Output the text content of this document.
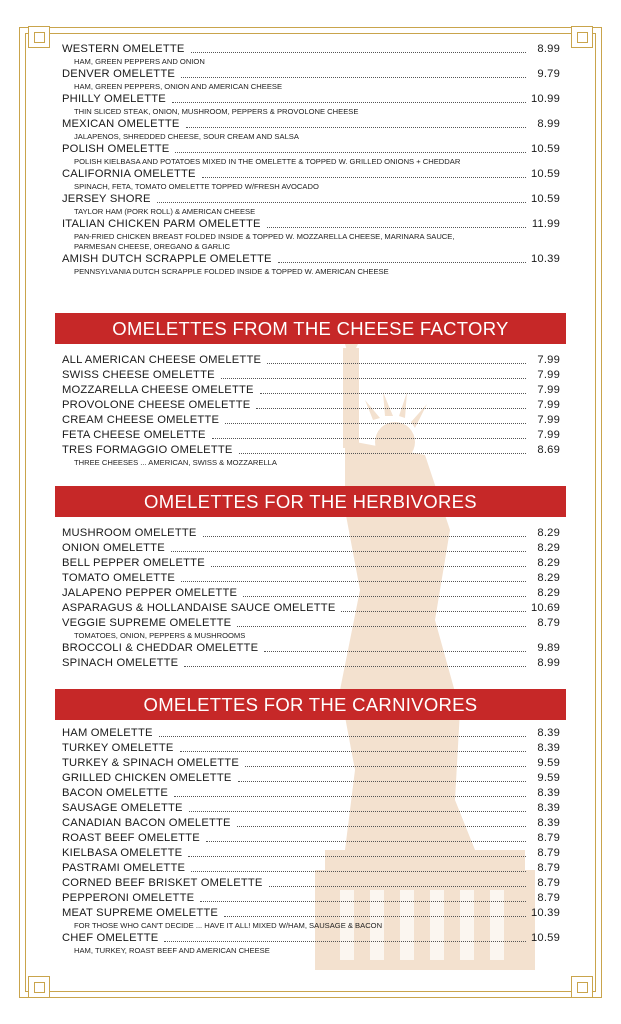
WESTERN OMELETTE	8.99
HAM, GREEN PEPPERS AND ONION
DENVER OMELETTE	9.79
HAM, GREEN PEPPERS, ONION AND AMERICAN CHEESE
PHILLY OMELETTE	10.99
THIN SLICED STEAK, ONION, MUSHROOM, PEPPERS & PROVOLONE CHEESE
MEXICAN OMELETTE	8.99
JALAPENOS, SHREDDED CHEESE, SOUR CREAM AND SALSA
POLISH OMELETTE	10.59
POLISH KIELBASA AND POTATOES MIXED IN THE OMELETTE & TOPPED W. GRILLED ONIONS + CHEDDAR
CALIFORNIA OMELETTE	10.59
SPINACH, FETA, TOMATO OMELETTE TOPPED W/FRESH AVOCADO
JERSEY SHORE	10.59
TAYLOR HAM (PORK ROLL) & AMERICAN CHEESE
ITALIAN CHICKEN PARM OMELETTE	11.99
PAN-FRIED CHICKEN BREAST FOLDED INSIDE & TOPPED W. MOZZARELLA CHEESE, MARINARA SAUCE,
PARMESAN CHEESE, OREGANO & GARLIC
AMISH DUTCH SCRAPPLE OMELETTE	10.39
PENNSYLVANIA DUTCH SCRAPPLE FOLDED INSIDE & TOPPED W. AMERICAN CHEESE
OMELETTES FROM THE CHEESE FACTORY
ALL AMERICAN CHEESE OMELETTE	7.99
SWISS CHEESE OMELETTE	7.99
MOZZARELLA CHEESE OMELETTE	7.99
PROVOLONE CHEESE OMELETTE	7.99
CREAM CHEESE OMELETTE	7.99
FETA CHEESE OMELETTE	7.99
TRES FORMAGGIO OMELETTE	8.69
THREE CHEESES ... AMERICAN, SWISS & MOZZARELLA
OMELETTES FOR THE HERBIVORES
MUSHROOM OMELETTE	8.29
ONION OMELETTE	8.29
BELL PEPPER OMELETTE	8.29
TOMATO OMELETTE	8.29
JALAPENO PEPPER OMELETTE	8.29
ASPARAGUS & HOLLANDAISE SAUCE OMELETTE	10.69
VEGGIE SUPREME OMELETTE	8.79
TOMATOES, ONION, PEPPERS & MUSHROOMS
BROCCOLI & CHEDDAR OMELETTE	9.89
SPINACH OMELETTE	8.99
OMELETTES FOR THE CARNIVORES
HAM OMELETTE	8.39
TURKEY OMELETTE	8.39
TURKEY & SPINACH OMELETTE	9.59
GRILLED CHICKEN OMELETTE	9.59
BACON OMELETTE	8.39
SAUSAGE OMELETTE	8.39
CANADIAN BACON OMELETTE	8.39
ROAST BEEF OMELETTE	8.79
KIELBASA OMELETTE	8.79
PASTRAMI OMELETTE	8.79
CORNED BEEF BRISKET OMELETTE	8.79
PEPPERONI OMELETTE	8.79
MEAT SUPREME OMELETTE	10.39
FOR THOSE WHO CAN'T DECIDE ... HAVE IT ALL! MIXED W/HAM, SAUSAGE & BACON
CHEF OMELETTE	10.59
HAM, TURKEY, ROAST BEEF AND AMERICAN CHEESE
